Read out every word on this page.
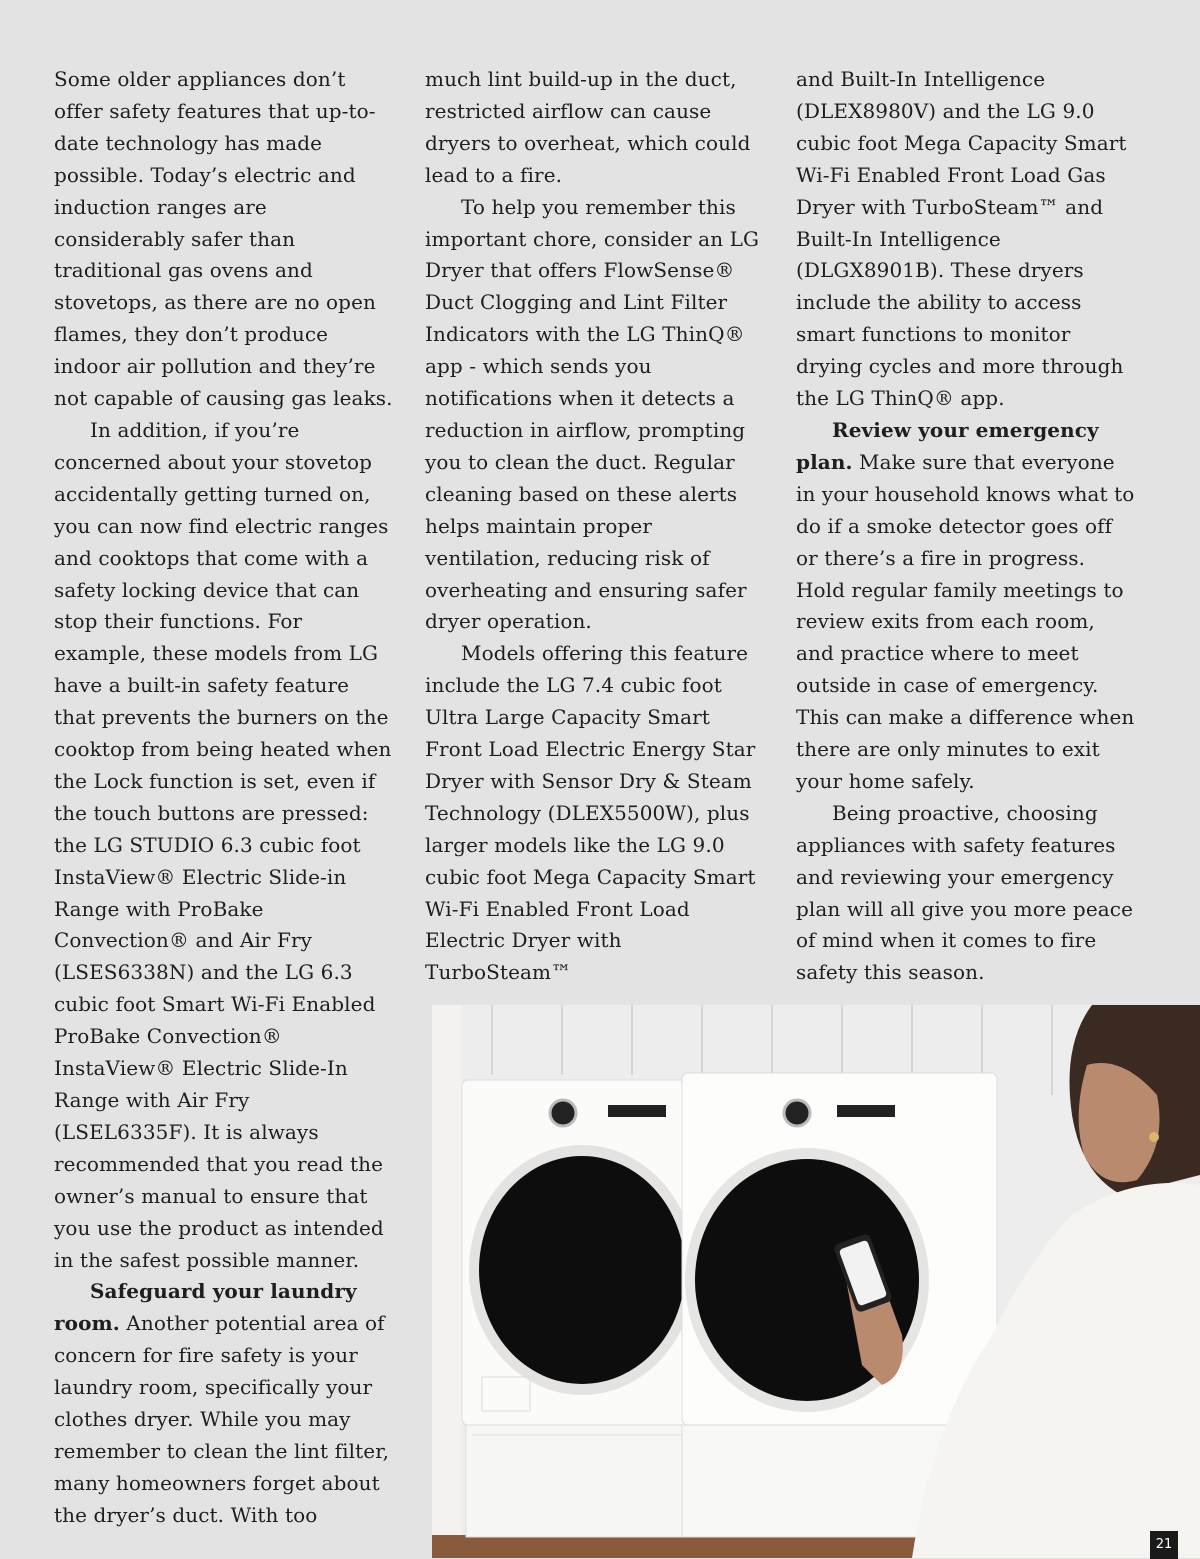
Some older appliances don’t offer safety features that up-to-date technology has made possible. Today’s electric and induction ranges are considerably safer than traditional gas ovens and stovetops, as there are no open flames, they don’t produce indoor air pollution and they’re not capable of causing gas leaks.

In addition, if you’re concerned about your stovetop accidentally getting turned on, you can now find electric ranges and cooktops that come with a safety locking device that can stop their functions. For example, these models from LG have a built-in safety feature that prevents the burners on the cooktop from being heated when the Lock function is set, even if the touch buttons are pressed: the LG STUDIO 6.3 cubic foot InstaView® Electric Slide-in Range with ProBake Convection® and Air Fry (LSES6338N) and the LG 6.3 cubic foot Smart Wi-Fi Enabled ProBake Convection® InstaView® Electric Slide-In Range with Air Fry (LSEL6335F). It is always recommended that you read the owner’s manual to ensure that you use the product as intended in the safest possible manner.

Safeguard your laundry room. Another potential area of concern for fire safety is your laundry room, specifically your clothes dryer. While you may remember to clean the lint filter, many homeowners forget about the dryer’s duct. With too

much lint build-up in the duct, restricted airflow can cause dryers to overheat, which could lead to a fire.

To help you remember this important chore, consider an LG Dryer that offers FlowSense® Duct Clogging and Lint Filter Indicators with the LG ThinQ® app - which sends you notifications when it detects a reduction in airflow, prompting you to clean the duct. Regular cleaning based on these alerts helps maintain proper ventilation, reducing risk of overheating and ensuring safer dryer operation.

Models offering this feature include the LG 7.4 cubic foot Ultra Large Capacity Smart Front Load Electric Energy Star Dryer with Sensor Dry & Steam Technology (DLEX5500W), plus larger models like the LG 9.0 cubic foot Mega Capacity Smart Wi-Fi Enabled Front Load Electric Dryer with TurboSteam™

and Built-In Intelligence (DLEX8980V) and the LG 9.0 cubic foot Mega Capacity Smart Wi-Fi Enabled Front Load Gas Dryer with TurboSteam™ and Built-In Intelligence (DLGX8901B). These dryers include the ability to access smart functions to monitor drying cycles and more through the LG ThinQ® app.

Review your emergency plan. Make sure that everyone in your household knows what to do if a smoke detector goes off or there’s a fire in progress. Hold regular family meetings to review exits from each room, and practice where to meet outside in case of emergency. This can make a difference when there are only minutes to exit your home safely.

Being proactive, choosing appliances with safety features and reviewing your emergency plan will all give you more peace of mind when it comes to fire safety this season.

21
